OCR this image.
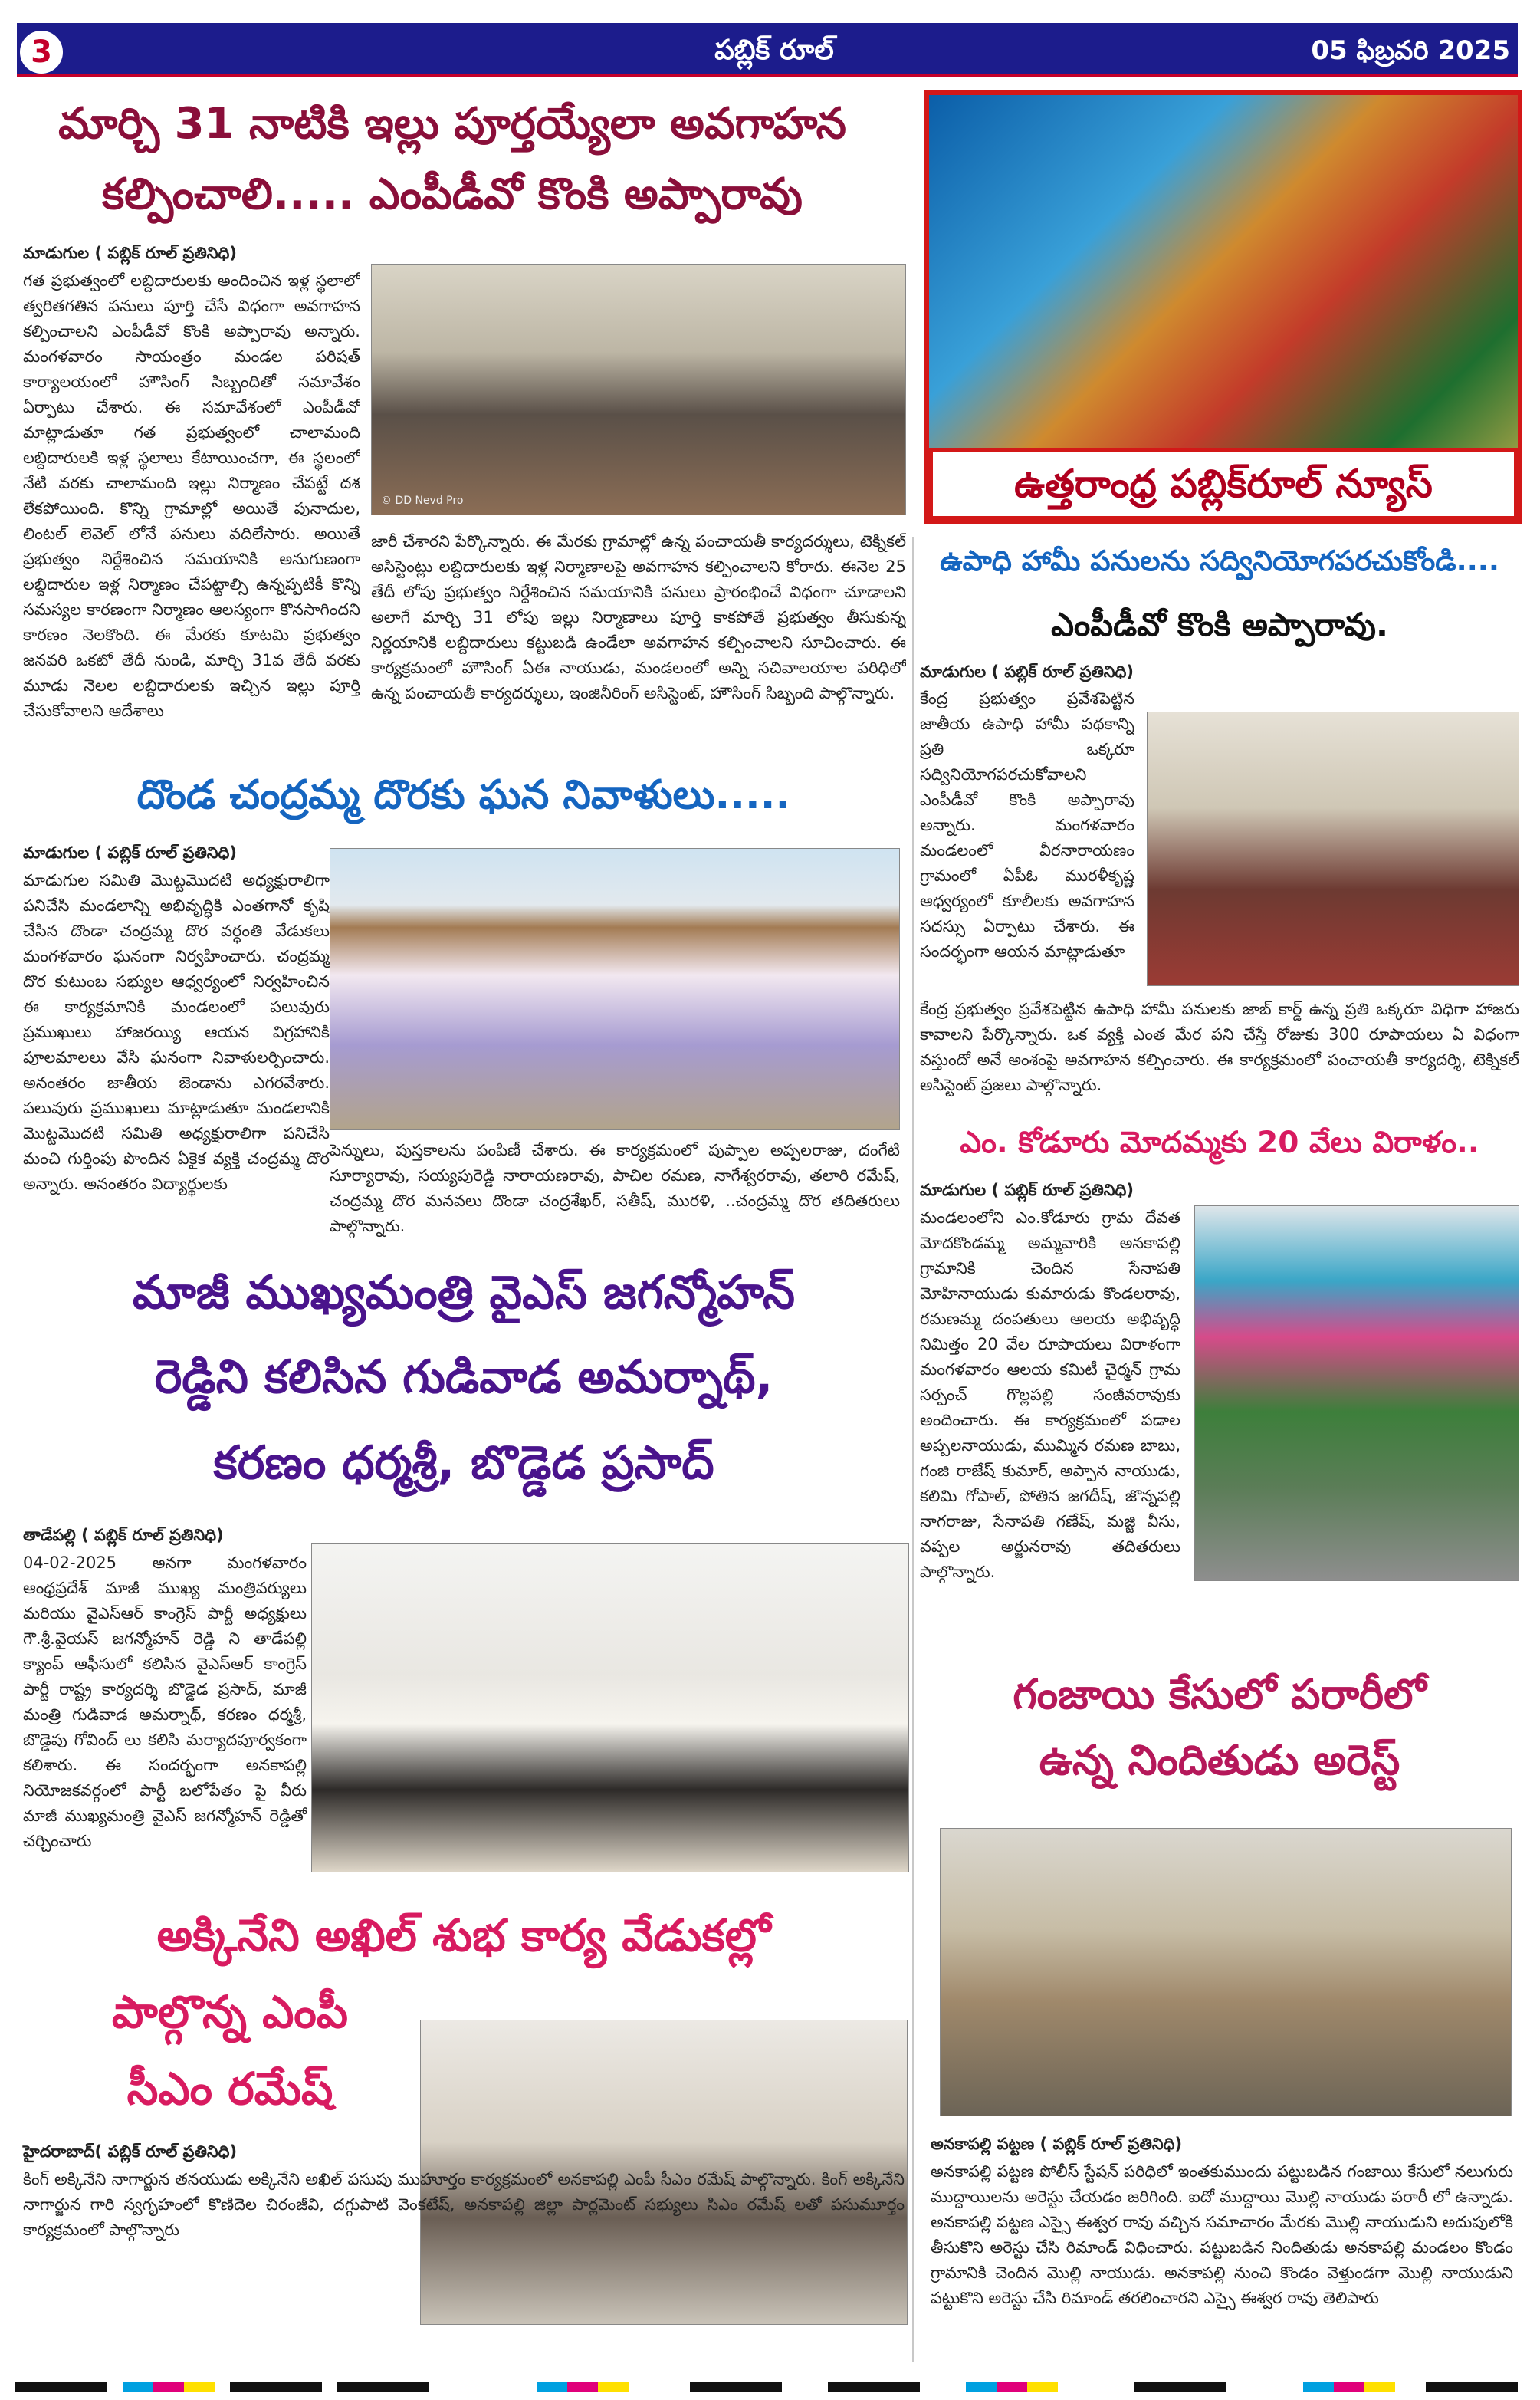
3	పబ్లిక్ రూల్	05 ఫిబ్రవరి 2025
మార్చి 31 నాటికి ఇల్లు పూర్తయ్యేలా అవగాహన
కల్పించాలి..... ఎంపీడీవో కొంకి అప్పారావు
మాడుగుల ( పబ్లిక్ రూల్ ప్రతినిధి)
© DD Nevd Pro
గత ప్రభుత్వంలో లబ్దిదారులకు అందించిన ఇళ్ల స్థలాలో త్వరితగతిన పనులు పూర్తి చేసే విధంగా అవగాహన కల్పించాలని ఎంపీడీవో కొంకి అప్పారావు అన్నారు. మంగళవారం సాయంత్రం మండల పరిషత్ కార్యాలయంలో హౌసింగ్ సిబ్బందితో సమావేశం ఏర్పాటు చేశారు. ఈ సమావేశంలో ఎంపీడీవో మాట్లాడుతూ గత ప్రభుత్వంలో చాలామంది లబ్దిదారులకి ఇళ్ల స్థలాలు కేటాయించగా, ఈ స్థలంలో నేటి వరకు చాలామంది ఇల్లు నిర్మాణం చేపట్టే దశ లేకపోయింది. కొన్ని గ్రామాల్లో అయితే పునాదుల, లింటల్ లెవెల్ లోనే పనులు వదిలేసారు. అయితే ప్రభుత్వం నిర్దేశించిన సమయానికి అనుగుణంగా లబ్దిదారుల ఇళ్ల నిర్మాణం చేపట్టాల్సి ఉన్నప్పటికీ కొన్ని సమస్యల కారణంగా నిర్మాణం ఆలస్యంగా కొనసాగిందని కారణం నెలకొంది. ఈ మేరకు కూటమి ప్రభుత్వం జనవరి ఒకటో తేదీ నుండి, మార్చి 31వ తేదీ వరకు మూడు నెలల లబ్దిదారులకు ఇచ్చిన ఇల్లు పూర్తి చేసుకోవాలని ఆదేశాలు
జారీ చేశారని పేర్కొన్నారు. ఈ మేరకు గ్రామాల్లో ఉన్న పంచాయతీ కార్యదర్శులు, టెక్నికల్ అసిస్టెంట్లు లబ్దిదారులకు ఇళ్ల నిర్మాణాలపై అవగాహన కల్పించాలని కోరారు. ఈనెల 25 తేదీ లోపు ప్రభుత్వం నిర్దేశించిన సమయానికి పనులు ప్రారంభించే విధంగా చూడాలని అలాగే మార్చి 31 లోపు ఇల్లు నిర్మాణాలు పూర్తి కాకపోతే ప్రభుత్వం తీసుకున్న నిర్ణయానికి లబ్దిదారులు కట్టుబడి ఉండేలా అవగాహన కల్పించాలని సూచించారు. ఈ కార్యక్రమంలో హౌసింగ్ ఏఈ నాయుడు, మండలంలో అన్ని సచివాలయాల పరిధిలో ఉన్న పంచాయతీ కార్యదర్శులు, ఇంజినీరింగ్ అసిస్టెంట్, హౌసింగ్ సిబ్బంది పాల్గొన్నారు.
ఉత్తరాంధ్ర పబ్లిక్‌రూల్ న్యూస్
ఉపాధి హామీ పనులను సద్వినియోగపరచుకోండి....
ఎంపీడీవో కొంకి అప్పారావు.
మాడుగుల ( పబ్లిక్ రూల్ ప్రతినిధి)
కేంద్ర ప్రభుత్వం ప్రవేశపెట్టిన జాతీయ ఉపాధి హామీ పథకాన్ని ప్రతి ఒక్కరూ సద్వినియోగపరచుకోవాలని ఎంపీడీవో కొంకి అప్పారావు అన్నారు. మంగళవారం మండలంలో వీరనారాయణం గ్రామంలో ఏపీఓ మురళీకృష్ణ ఆధ్వర్యంలో కూలీలకు అవగాహన సదస్సు ఏర్పాటు చేశారు. ఈ సందర్భంగా ఆయన మాట్లాడుతూ
కేంద్ర ప్రభుత్వం ప్రవేశపెట్టిన ఉపాధి హామీ పనులకు జాబ్ కార్డ్ ఉన్న ప్రతి ఒక్కరూ విధిగా హాజరు కావాలని పేర్కొన్నారు. ఒక వ్యక్తి ఎంత మేర పని చేస్తే రోజుకు 300 రూపాయలు ఏ విధంగా వస్తుందో అనే అంశంపై అవగాహన కల్పించారు. ఈ కార్యక్రమంలో పంచాయతీ కార్యదర్శి, టెక్నికల్ అసిస్టెంట్ ప్రజలు పాల్గొన్నారు.
దొండ చంద్రమ్మ దొరకు ఘన నివాళులు.....
మాడుగుల ( పబ్లిక్ రూల్ ప్రతినిధి)
మాడుగుల సమితి మొట్టమొదటి అధ్యక్షురాలిగా పనిచేసి మండలాన్ని అభివృద్ధికి ఎంతగానో కృషి చేసిన దొండా చంద్రమ్మ దొర వర్ధంతి వేడుకలు మంగళవారం ఘనంగా నిర్వహించారు. చంద్రమ్మ దొర కుటుంబ సభ్యుల ఆధ్వర్యంలో నిర్వహించిన ఈ కార్యక్రమానికి మండలంలో పలువురు ప్రముఖులు హాజరయ్యి ఆయన విగ్రహానికి పూలమాలలు వేసి ఘనంగా నివాళులర్పించారు. అనంతరం జాతీయ జెండాను ఎగరవేశారు. పలువురు ప్రముఖులు మాట్లాడుతూ మండలానికి మొట్టమొదటి సమితి అధ్యక్షురాలిగా పనిచేసి మంచి గుర్తింపు పొందిన ఏకైక వ్యక్తి చంద్రమ్మ దొర అన్నారు. అనంతరం విద్యార్థులకు
పెన్నులు, పుస్తకాలను పంపిణీ చేశారు. ఈ కార్యక్రమంలో పుప్పాల అప్పలరాజు, దంగేటి సూర్యారావు, సయ్యపురెడ్డి నారాయణరావు, పాచిల రమణ, నాగేశ్వరరావు, తలారి రమేష్, చంద్రమ్మ దొర మనవలు దొండా చంద్రశేఖర్, సతీష్, మురళి, ..చంద్రమ్మ దొర తదితరులు పాల్గొన్నారు.
ఎం. కోడూరు మోదమ్మకు 20 వేలు విరాళం..
మాడుగుల ( పబ్లిక్ రూల్ ప్రతినిధి)
మండలంలోని ఎం.కోడూరు గ్రామ దేవత మోదకొండమ్మ అమ్మవారికి అనకాపల్లి గ్రామానికి చెందిన సేనాపతి మోహినాయుడు కుమారుడు కొండలరావు, రమణమ్మ దంపతులు ఆలయ అభివృద్ధి నిమిత్తం 20 వేల రూపాయలు విరాళంగా మంగళవారం ఆలయ కమిటీ చైర్మన్ గ్రామ సర్పంచ్ గొల్లపల్లి సంజీవరావుకు అందించారు. ఈ కార్యక్రమంలో పడాల అప్పలనాయుడు, ముమ్మిన రమణ బాబు, గంజి రాజేష్ కుమార్, అప్పాన నాయుడు, కలిమి గోపాల్, పోతిన జగదీష్, జొన్నపల్లి నాగరాజు, సేనాపతి గణేష్, మజ్జి వీసు, వప్పల అర్జునరావు తదితరులు పాల్గొన్నారు.
మాజీ ముఖ్యమంత్రి వైఎస్ జగన్మోహన్
రెడ్డిని కలిసిన గుడివాడ అమర్నాథ్,
కరణం ధర్మశ్రీ, బొడ్డెడ ప్రసాద్
తాడేపల్లి ( పబ్లిక్ రూల్ ప్రతినిధి)
04-02-2025 అనగా మంగళవారం ఆంధ్రప్రదేశ్ మాజీ ముఖ్య మంత్రివర్యులు మరియు వైఎస్ఆర్ కాంగ్రెస్ పార్టీ అధ్యక్షులు గౌ.శ్రీ.వైయస్ జగన్మోహన్ రెడ్డి ని తాడేపల్లి క్యాంప్ ఆఫీసులో కలిసిన వైఎస్ఆర్ కాంగ్రెస్ పార్టీ రాష్ట్ర కార్యదర్శి బొడ్డెడ ప్రసాద్, మాజీ మంత్రి గుడివాడ అమర్నాథ్, కరణం ధర్మశ్రీ, బొడ్డెపు గోవింద్ లు కలిసి మర్యాదపూర్వకంగా కలిశారు. ఈ సందర్భంగా అనకాపల్లి నియోజకవర్గంలో పార్టీ బలోపేతం పై వీరు మాజీ ముఖ్యమంత్రి వైఎస్ జగన్మోహన్ రెడ్డితో చర్చించారు
గంజాయి కేసులో పరారీలో
ఉన్న నిందితుడు అరెస్ట్
అనకాపల్లి పట్టణ ( పబ్లిక్ రూల్ ప్రతినిధి)
అనకాపల్లి పట్టణ పోలీస్ స్టేషన్ పరిధిలో ఇంతకుముందు పట్టుబడిన గంజాయి కేసులో నలుగురు ముద్దాయిలను అరెస్టు చేయడం జరిగింది. ఐదో ముద్దాయి మొల్లి నాయుడు పరారీ లో ఉన్నాడు. అనకాపల్లి పట్టణ ఎస్సై ఈశ్వర రావు వచ్చిన సమాచారం మేరకు మొల్లి నాయుడుని అదుపులోకి తీసుకొని అరెస్టు చేసి రిమాండ్ విధించారు. పట్టుబడిన నిందితుడు అనకాపల్లి మండలం కొండం గ్రామానికి చెందిన మొల్లి నాయుడు. అనకాపల్లి నుంచి కొండం వెళ్తుండగా మొల్లి నాయుడుని పట్టుకొని అరెస్టు చేసి రిమాండ్ తరలించారని ఎస్సై ఈశ్వర రావు తెలిపారు
అక్కినేని అఖిల్ శుభ కార్య వేడుకల్లో
పాల్గొన్న ఎంపీ
సీఎం రమేష్
హైదరాబాద్( పబ్లిక్ రూల్ ప్రతినిధి)
కింగ్ అక్కినేని నాగార్జున తనయుడు అక్కినేని అఖిల్ పసుపు ముహూర్తం కార్యక్రమంలో అనకాపల్లి ఎంపీ సీఎం రమేష్ పాల్గొన్నారు. కింగ్ అక్కినేని నాగార్జున గారి స్వగృహంలో కొణిదెల చిరంజీవి, దగ్గుపాటి వెంకటేష్, అనకాపల్లి జిల్లా పార్లమెంట్ సభ్యులు సిఎం రమేష్ లతో పసుమూర్తం కార్యక్రమంలో పాల్గొన్నారు
